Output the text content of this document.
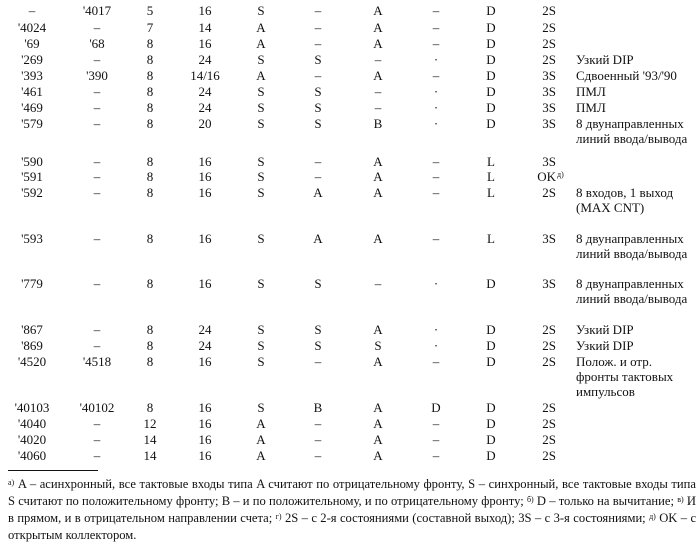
–	'4017	5	16	S	–	A	–	D	2S
'4024	–	7	14	A	–	A	–	D	2S
'69	'68	8	16	A	–	A	–	D	2S
'269	–	8	24	S	S	–	·	D	2S Узкий DIP
'393	'390	8	14/16	A	–	A	–	D	3S Сдвоенный '93/'90
'461	–	8	24	S	S	–	·	D	3S ПМЛ
'469	–	8	24	S	S	–	·	D	3S ПМЛ
'579	–	8	20	S	S	B	·	D	3S 8 двунаправленных линий ввода/вывода
'590	–	8	16	S	–	A	–	L	3S
'591	–	8	16	S	–	A	–	L	OK д)
'592	–	8	16	S	A	A	–	L	2S 8 входов, 1 выход (MAX CNT)
'593	–	8	16	S	A	A	–	L	3S 8 двунаправленных линий ввода/вывода
'779	–	8	16	S	S	–	·	D	3S 8 двунаправленных линий ввода/вывода
'867	–	8	24	S	S	A	·	D	2S Узкий DIP
'869	–	8	24	S	S	S	·	D	2S Узкий DIP
'4520	'4518	8	16	S	–	A	–	D	2S Полож. и отр. фронты тактовых импульсов
'40103 '40102 8	16	S	B	A	D	D	2S
'4040	–	12	16	A	–	A	–	D	2S
'4020	–	14	16	A	–	A	–	D	2S
'4060	–	14	16	A	–	A	–	D	2S
$^{а)}$ A – асинхронный, все тактовые входы типа A считают по отрицательному фронту, S – синхронный, все тактовые входы типа S считают по положительному фронту; B – и по положительному, и по отрицательному фронту; $^{б)}$ D – только на вычитание; $^{в)}$ И в прямом, и в отрицательном направлении счета; $^{г)}$ 2S – с 2-я состояниями (составной выход); 3S – с 3-я состояниями; $^{д)}$ OK – с открытым коллектором.
